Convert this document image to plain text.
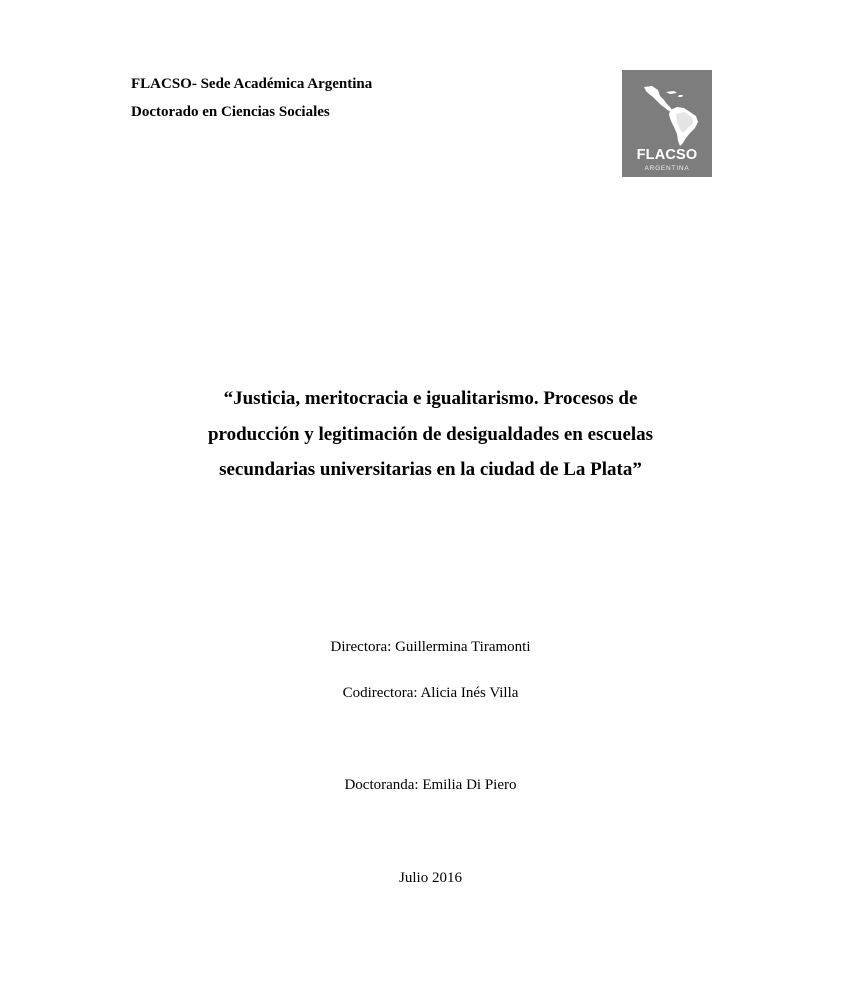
FLACSO- Sede Académica Argentina
Doctorado en Ciencias Sociales
FLACSO
ARGENTINA
“Justicia, meritocracia e igualitarismo. Procesos de
producción y legitimación de desigualdades en escuelas
secundarias universitarias en la ciudad de La Plata”
Directora: Guillermina Tiramonti
Codirectora: Alicia Inés Villa
Doctoranda: Emilia Di Piero
Julio 2016
